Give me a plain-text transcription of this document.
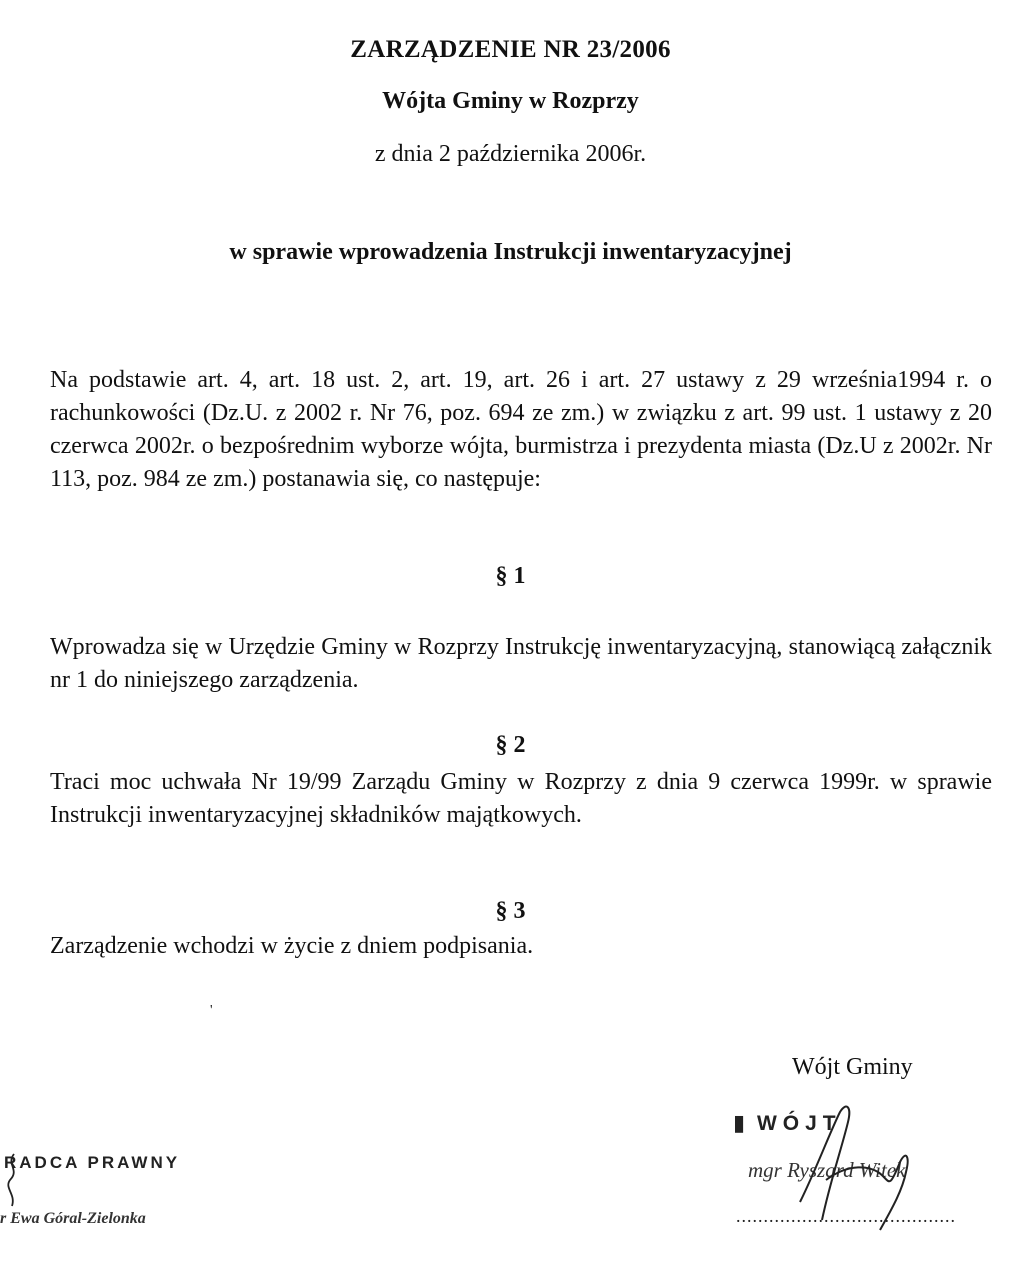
ZARZĄDZENIE NR 23/2006
Wójta Gminy w Rozprzy
z dnia 2 października 2006r.
w sprawie wprowadzenia Instrukcji inwentaryzacyjnej
Na podstawie art. 4, art. 18 ust. 2, art. 19, art. 26 i art. 27 ustawy z 29 września1994 r. o rachunkowości (Dz.U. z 2002 r. Nr 76, poz. 694 ze zm.) w związku z art. 99 ust. 1 ustawy z 20 czerwca 2002r. o bezpośrednim wyborze wójta, burmistrza i prezydenta miasta (Dz.U z 2002r. Nr 113, poz. 984 ze zm.) postanawia się, co następuje:
§ 1
Wprowadza się w Urzędzie Gminy w Rozprzy Instrukcję inwentaryzacyjną, stanowiącą załącznik nr 1 do niniejszego zarządzenia.
§ 2
Traci moc uchwała Nr 19/99 Zarządu Gminy w Rozprzy z dnia 9 czerwca 1999r. w sprawie Instrukcji inwentaryzacyjnej składników majątkowych.
§ 3
Zarządzenie wchodzi w życie z dniem podpisania.
'
Wójt Gminy
▮ WÓJT
mgr Ryszard Witek
........................................
RADCA PRAWNY
r Ewa Góral-Zielonka
